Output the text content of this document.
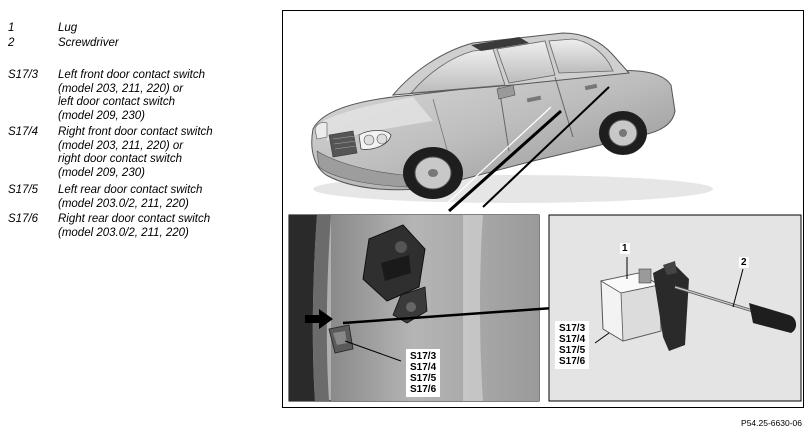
1	Lug
2	Screwdriver
S17/3	Left front door contact switch
(model 203, 211, 220) or
left door contact switch
(model 209, 230)
S17/4	Right front door contact switch
(model 203, 211, 220) or
right door contact switch
(model 209, 230)
S17/5	Left rear door contact switch
(model 203.0/2, 211, 220)
S17/6	Right rear door contact switch
(model 203.0/2, 211, 220)
S17/3
S17/4
S17/5
S17/6
S17/3
S17/4
S17/5
S17/6
1
2
P54.25-6630-06
